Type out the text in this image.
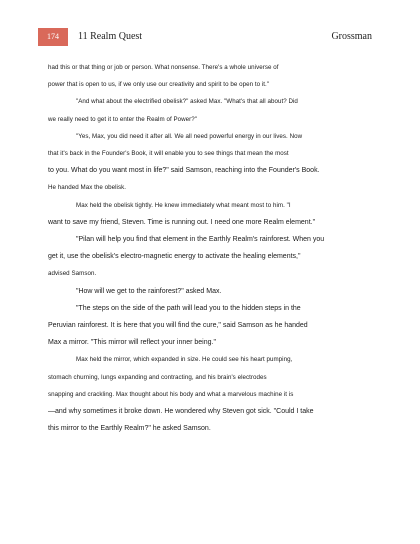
174	11 Realm Quest	Grossman

had this or that thing or job or person. What nonsense. There's a whole universe of

power that is open to us, if we only use our creativity and spirit to be open to it."

"And what about the electrified obelisk?" asked Max. "What's that all about? Did

we really need to get it to enter the Realm of Power?"

"Yes, Max, you did need it after all. We all need powerful energy in our lives. Now

that it's back in the Founder's Book, it will enable you to see things that mean the most

to you. What do you want most in life?" said Samson, reaching into the Founder's Book.

He handed Max the obelisk.

Max held the obelisk tightly. He knew immediately what meant most to him. "I

want to save my friend, Steven. Time is running out. I need one more Realm element."

"Pilan will help you find that element in the Earthly Realm's rainforest. When you

get it, use the obelisk's electro-magnetic energy to activate the healing elements,"

advised Samson.

"How will we get to the rainforest?" asked Max.

"The steps on the side of the path will lead you to the hidden steps in the

Peruvian rainforest. It is here that you will find the cure," said Samson as he handed

Max a mirror. "This mirror will reflect your inner being."

Max held the mirror, which expanded in size. He could see his heart pumping,

stomach churning, lungs expanding and contracting, and his brain's electrodes

snapping and crackling. Max thought about his body and what a marvelous machine it is

—and why sometimes it broke down. He wondered why Steven got sick. "Could I take

this mirror to the Earthly Realm?" he asked Samson.
